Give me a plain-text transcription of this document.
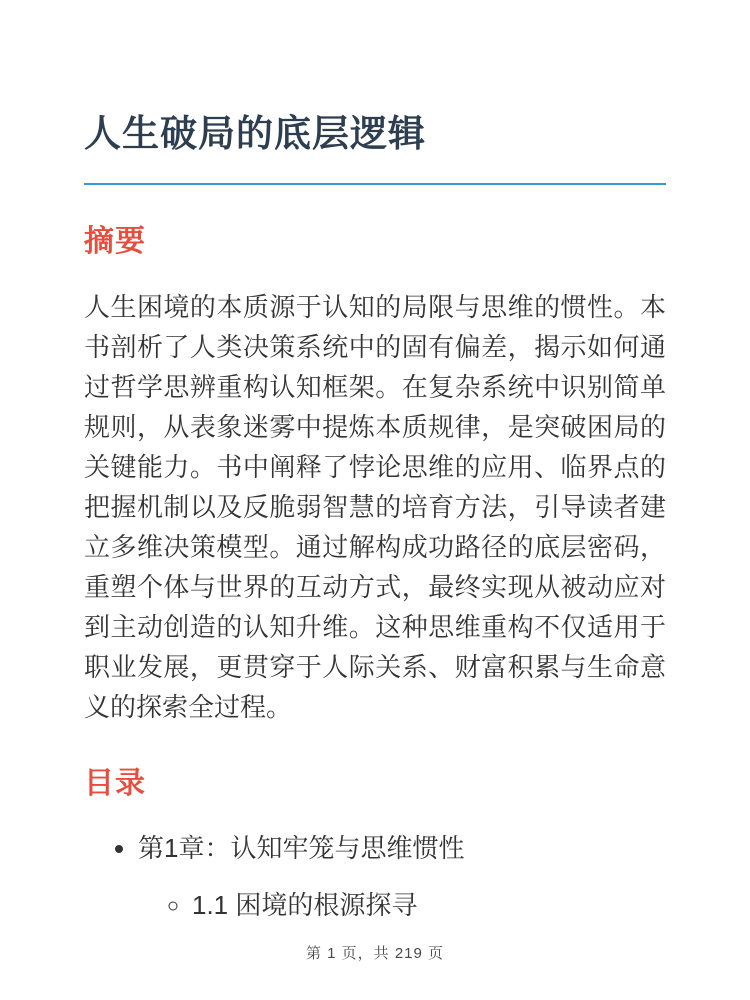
人生破局的底层逻辑
摘要

人生困境的本质源于认知的局限与思维的惯性。本书剖析了人类决策系统中的固有偏差，揭示如何通过哲学思辨重构认知框架。在复杂系统中识别简单规则，从表象迷雾中提炼本质规律，是突破困局的关键能力。书中阐释了悖论思维的应用、临界点的把握机制以及反脆弱智慧的培育方法，引导读者建立多维决策模型。通过解构成功路径的底层密码，重塑个体与世界的互动方式，最终实现从被动应对到主动创造的认知升维。这种思维重构不仅适用于职业发展，更贯穿于人际关系、财富积累与生命意义的探索全过程。

目录
• 第1章：认知牢笼与思维惯性
◦ 1.1 困境的根源探寻
第 1 页，共 219 页
